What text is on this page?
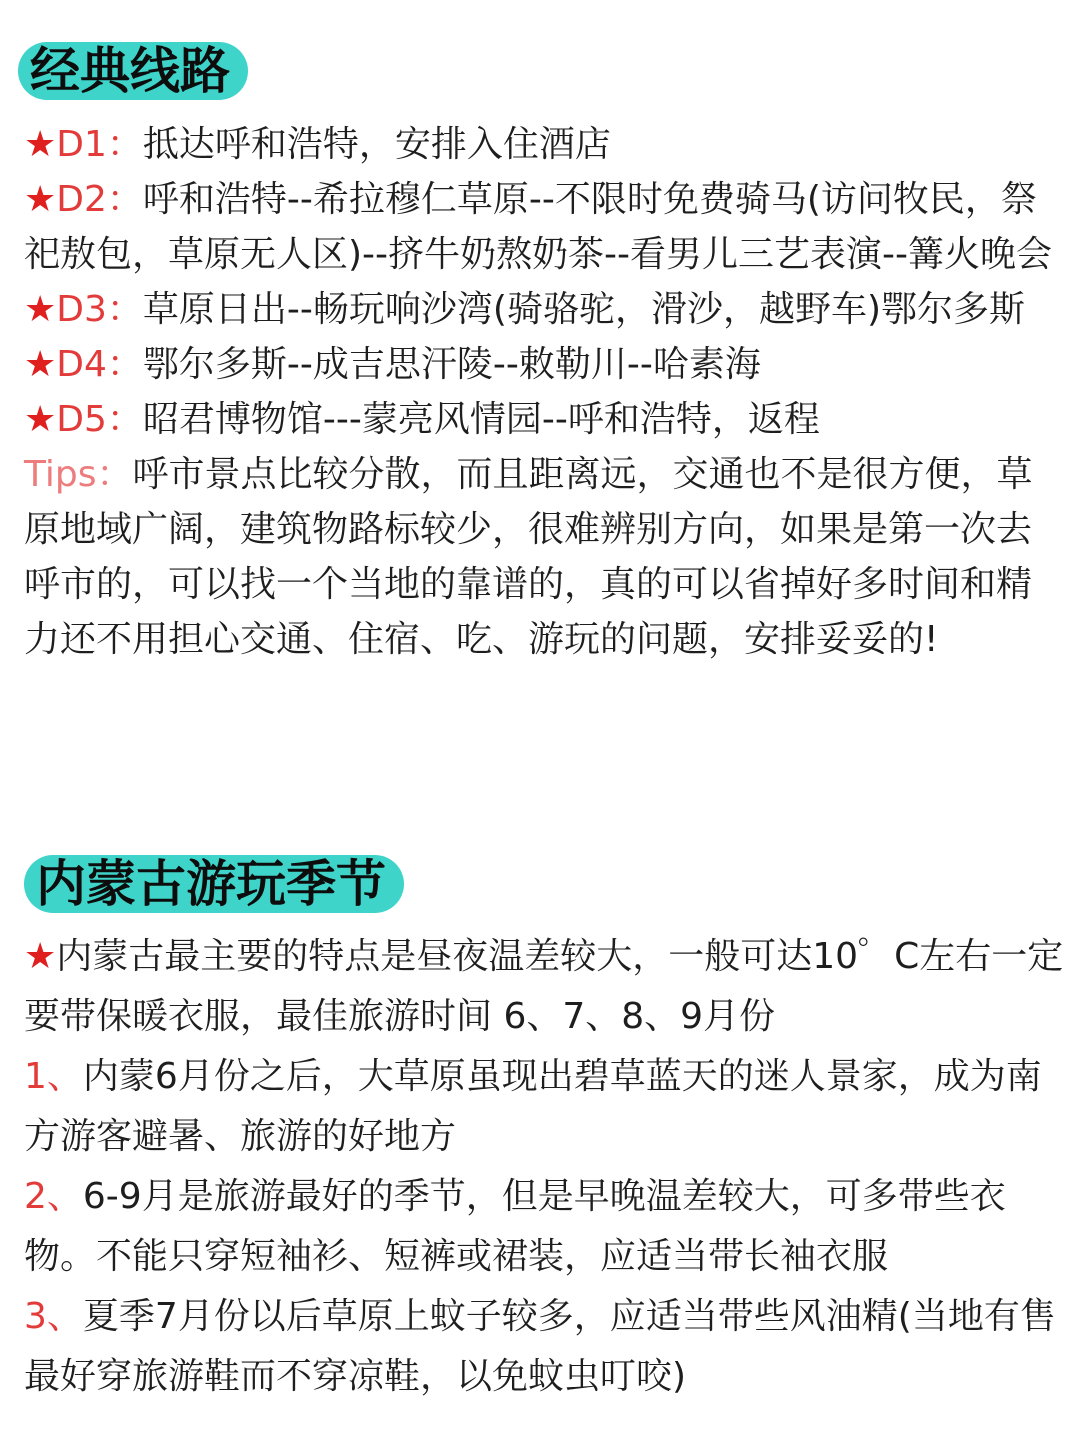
经典线路
★D1：抵达呼和浩特，安排入住酒店
★D2：呼和浩特--希拉穆仁草原--不限时免费骑马(访问牧民，祭祀敖包，草原无人区)--挤牛奶熬奶茶--看男儿三艺表演--篝火晚会
★D3：草原日出--畅玩响沙湾(骑骆驼，滑沙，越野车)鄂尔多斯
★D4：鄂尔多斯--成吉思汗陵--敕勒川--哈素海
★D5：昭君博物馆---蒙亮风情园--呼和浩特，返程
Tips：呼市景点比较分散，而且距离远，交通也不是很方便，草原地域广阔，建筑物路标较少，很难辨别方向，如果是第一次去呼市的，可以找一个当地的靠谱的，真的可以省掉好多时间和精力还不用担心交通、住宿、吃、游玩的问题，安排妥妥的!
内蒙古游玩季节
★内蒙古最主要的特点是昼夜温差较大，一般可达10゜C左右一定要带保暖衣服，最佳旅游时间 6、7、8、9月份
1、内蒙6月份之后，大草原虽现出碧草蓝天的迷人景家，成为南方游客避暑、旅游的好地方
2、6-9月是旅游最好的季节，但是早晚温差较大，可多带些衣物。不能只穿短袖衫、短裤或裙装，应适当带长袖衣服
3、夏季7月份以后草原上蚊子较多，应适当带些风油精(当地有售最好穿旅游鞋而不穿凉鞋，以免蚊虫叮咬)
